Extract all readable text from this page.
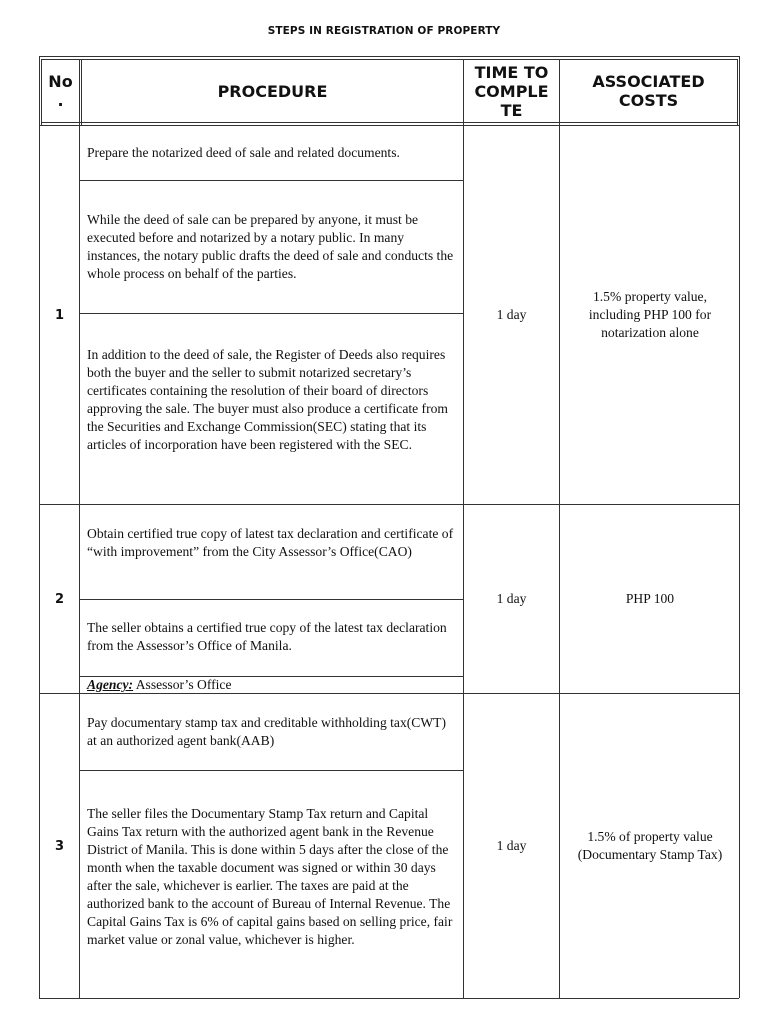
STEPS IN REGISTRATION OF PROPERTY
No
.	PROCEDURE
TIME TO
COMPLE
TE
ASSOCIATED
COSTS
1
Prepare the notarized deed of sale and related documents.
While the deed of sale can be prepared by anyone, it must be executed before and notarized by a notary public. In many instances, the notary public drafts the deed of sale and conducts the whole process on behalf of the parties.
In addition to the deed of sale, the Register of Deeds also requires both the buyer and the seller to submit notarized secretary’s certificates containing the resolution of their board of directors approving the sale. The buyer must also produce a certificate from the Securities and Exchange Commission(SEC) stating that its articles of incorporation have been registered with the SEC.
1 day
1.5% property value, including PHP 100 for notarization alone
2
Obtain certified true copy of latest tax declaration and certificate of “with improvement” from the City Assessor’s Office(CAO)
The seller obtains a certified true copy of the latest tax declaration from the Assessor’s Office of Manila.
Agency: Assessor’s Office
1 day	PHP 100
3
Pay documentary stamp tax and creditable withholding tax(CWT) at an authorized agent bank(AAB)
The seller files the Documentary Stamp Tax return and Capital Gains Tax return with the authorized agent bank in the Revenue District of Manila. This is done within 5 days after the close of the month when the taxable document was signed or within 30 days after the sale, whichever is earlier. The taxes are paid at the authorized bank to the account of Bureau of Internal Revenue. The Capital Gains Tax is 6% of capital gains based on selling price, fair market value or zonal value, whichever is higher.
1 day
1.5% of property value (Documentary Stamp Tax)
